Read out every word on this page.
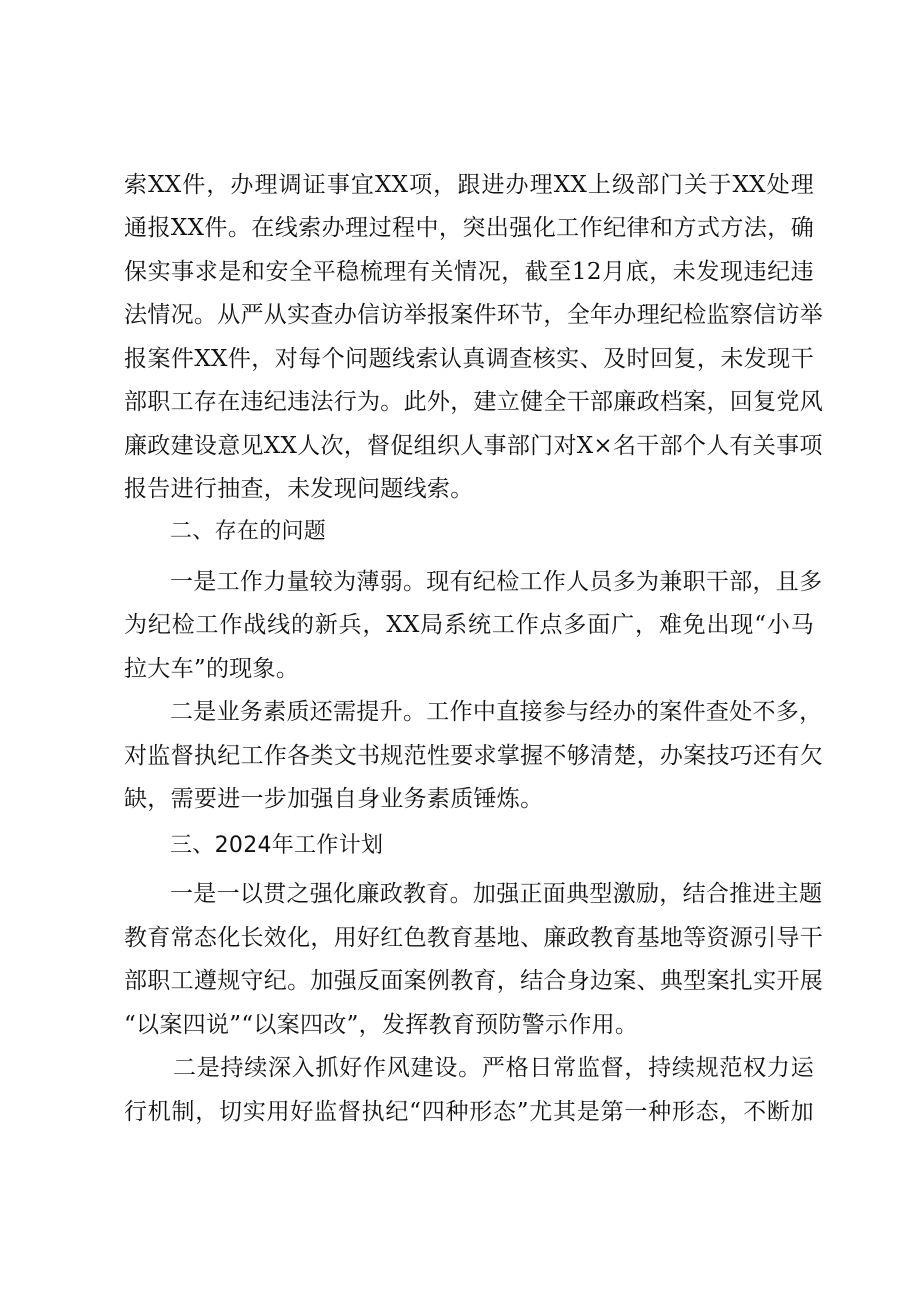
索XX件，办理调证事宜XX项，跟进办理XX上级部门关于XX处理
通报XX件。在线索办理过程中，突出强化工作纪律和方式方法，确
保实事求是和安全平稳梳理有关情况，截至12月底，未发现违纪违
法情况。从严从实查办信访举报案件环节，全年办理纪检监察信访举
报案件XX件，对每个问题线索认真调查核实、及时回复，未发现干
部职工存在违纪违法行为。此外，建立健全干部廉政档案，回复党风
廉政建设意见XX人次，督促组织人事部门对X×名干部个人有关事项
报告进行抽查，未发现问题线索。
二、存在的问题
一是工作力量较为薄弱。现有纪检工作人员多为兼职干部，且多
为纪检工作战线的新兵，XX局系统工作点多面广，难免出现“小马
拉大车”的现象。
二是业务素质还需提升。工作中直接参与经办的案件查处不多，
对监督执纪工作各类文书规范性要求掌握不够清楚，办案技巧还有欠
缺，需要进一步加强自身业务素质锤炼。
三、2024年工作计划
一是一以贯之强化廉政教育。加强正面典型激励，结合推进主题
教育常态化长效化，用好红色教育基地、廉政教育基地等资源引导干
部职工遵规守纪。加强反面案例教育，结合身边案、典型案扎实开展
“以案四说”“以案四改”，发挥教育预防警示作用。
二是持续深入抓好作风建设。严格日常监督，持续规范权力运
行机制，切实用好监督执纪“四种形态”尤其是第一种形态，不断加
